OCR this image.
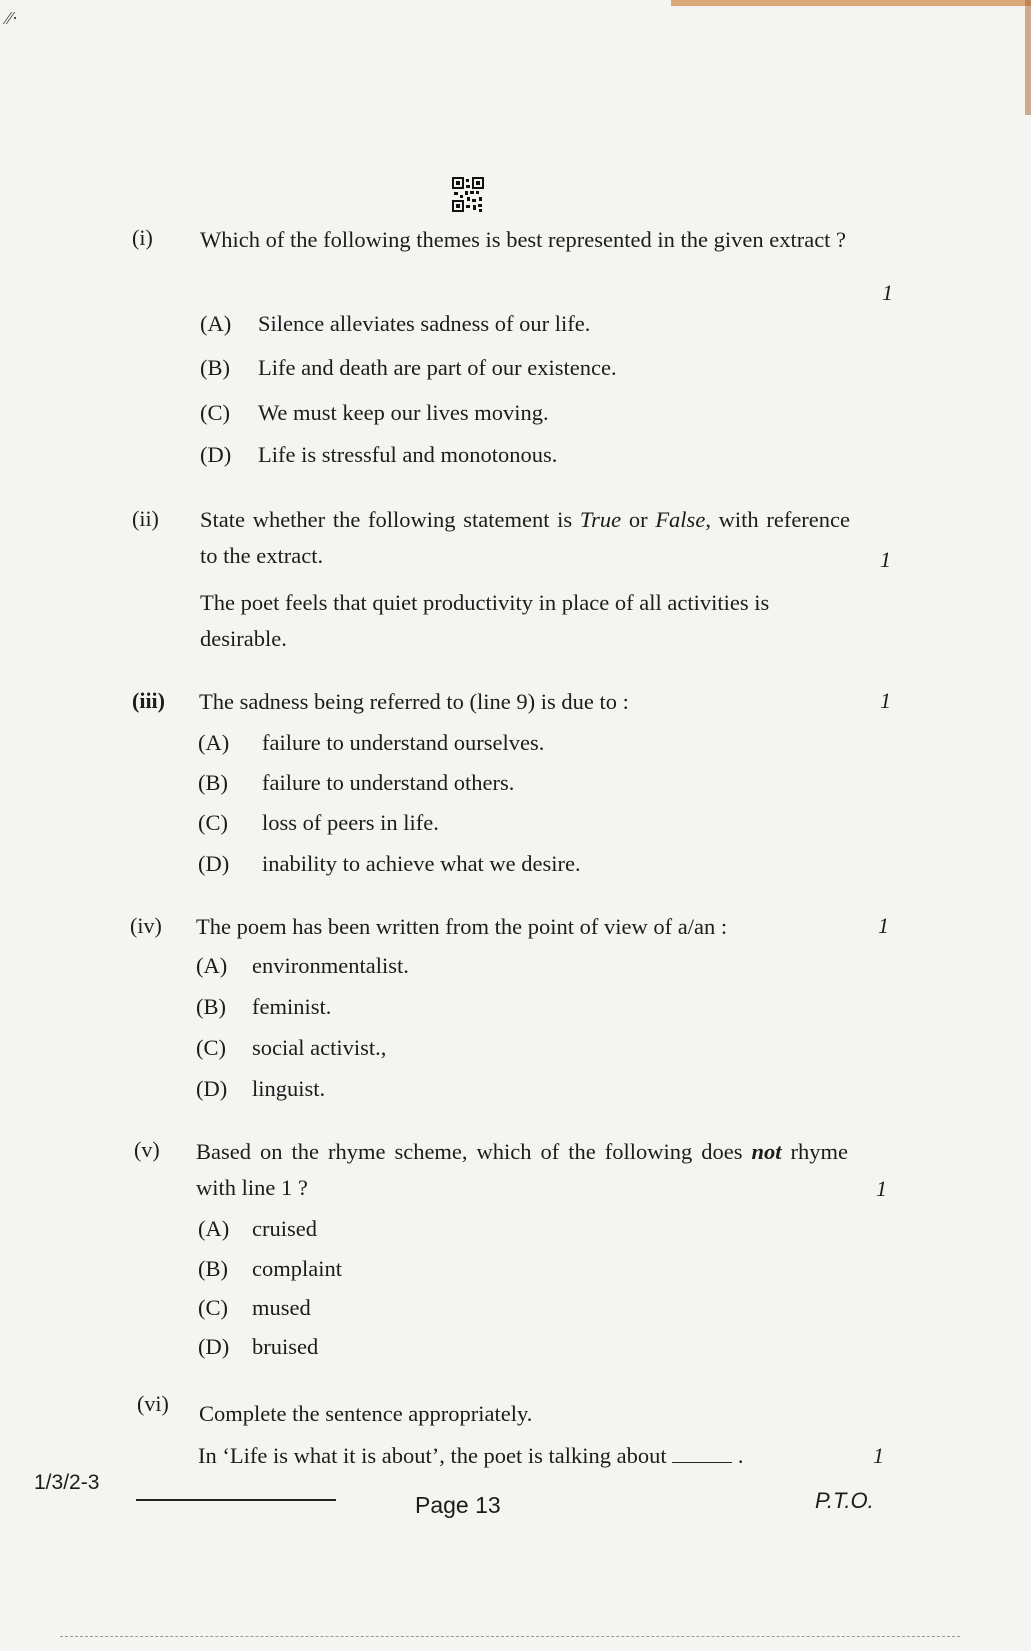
⁄⁄·
(i) Which of the following themes is best represented in the given extract ?
1
(A) Silence alleviates sadness of our life.
(B) Life and death are part of our existence.
(C) We must keep our lives moving.
(D) Life is stressful and monotonous.
(ii) State whether the following statement is True or False, with reference to the extract.	1
The poet feels that quiet productivity in place of all activities is desirable.
(iii) The sadness being referred to (line 9) is due to :	1
(A) failure to understand ourselves.
(B) failure to understand others.
(C) loss of peers in life.
(D) inability to achieve what we desire.
(iv) The poem has been written from the point of view of a/an :	1
(A) environmentalist.
(B) feminist.
(C) social activist.,
(D) linguist.
(v) Based on the rhyme scheme, which of the following does not rhyme with line 1 ?	1
(A) cruised
(B) complaint
(C) mused
(D) bruised
(vi) Complete the sentence appropriately.
In ‘Life is what it is about’, the poet is talking about	.	1
1/3/2-3
Page 13	P.T.O.
